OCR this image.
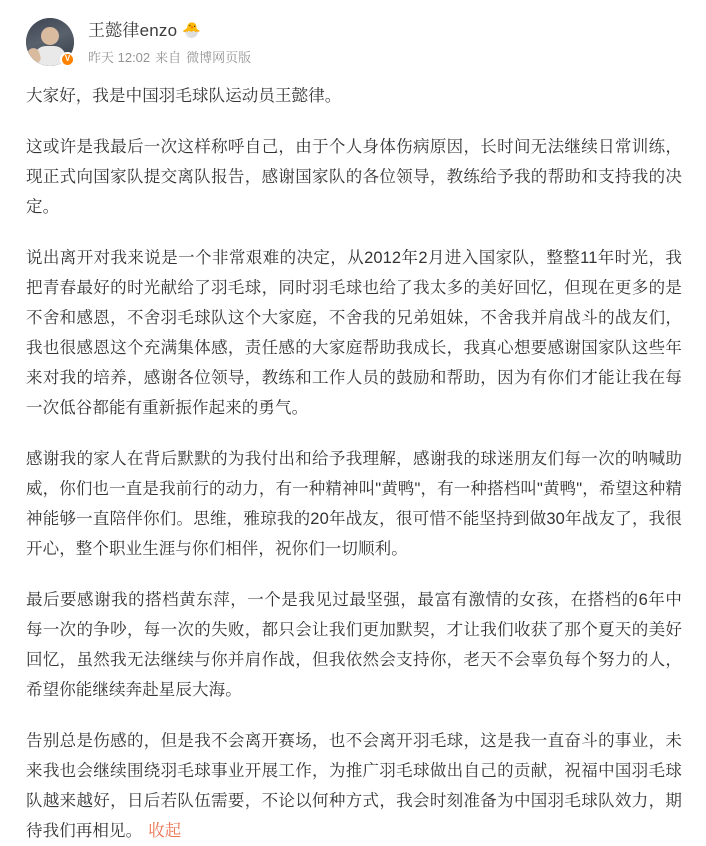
V
王懿律enzo 🐣
昨天 12:02 来自 微博网页版

大家好，我是中国羽毛球队运动员王懿律。

这或许是我最后一次这样称呼自己，由于个人身体伤病原因，长时间无法继续日常训练，现正式向国家队提交离队报告，感谢国家队的各位领导，教练给予我的帮助和支持我的决定。

说出离开对我来说是一个非常艰难的决定，从2012年2月进入国家队，整整11年时光，我把青春最好的时光献给了羽毛球，同时羽毛球也给了我太多的美好回忆，但现在更多的是不舍和感恩，不舍羽毛球队这个大家庭，不舍我的兄弟姐妹，不舍我并肩战斗的战友们，我也很感恩这个充满集体感，责任感的大家庭帮助我成长，我真心想要感谢国家队这些年来对我的培养，感谢各位领导，教练和工作人员的鼓励和帮助，因为有你们才能让我在每一次低谷都能有重新振作起来的勇气。

感谢我的家人在背后默默的为我付出和给予我理解，感谢我的球迷朋友们每一次的呐喊助威，你们也一直是我前行的动力，有一种精神叫"黄鸭"，有一种搭档叫"黄鸭"，希望这种精神能够一直陪伴你们。思维，雅琼我的20年战友，很可惜不能坚持到做30年战友了，我很开心，整个职业生涯与你们相伴，祝你们一切顺利。

最后要感谢我的搭档黄东萍，一个是我见过最坚强，最富有激情的女孩，在搭档的6年中每一次的争吵，每一次的失败，都只会让我们更加默契，才让我们收获了那个夏天的美好回忆，虽然我无法继续与你并肩作战，但我依然会支持你，老天不会辜负每个努力的人，希望你能继续奔赴星辰大海。

告别总是伤感的，但是我不会离开赛场，也不会离开羽毛球，这是我一直奋斗的事业，未来我也会继续围绕羽毛球事业开展工作，为推广羽毛球做出自己的贡献，祝福中国羽毛球队越来越好，日后若队伍需要，不论以何种方式，我会时刻准备为中国羽毛球队效力，期待我们再相见。 收起
